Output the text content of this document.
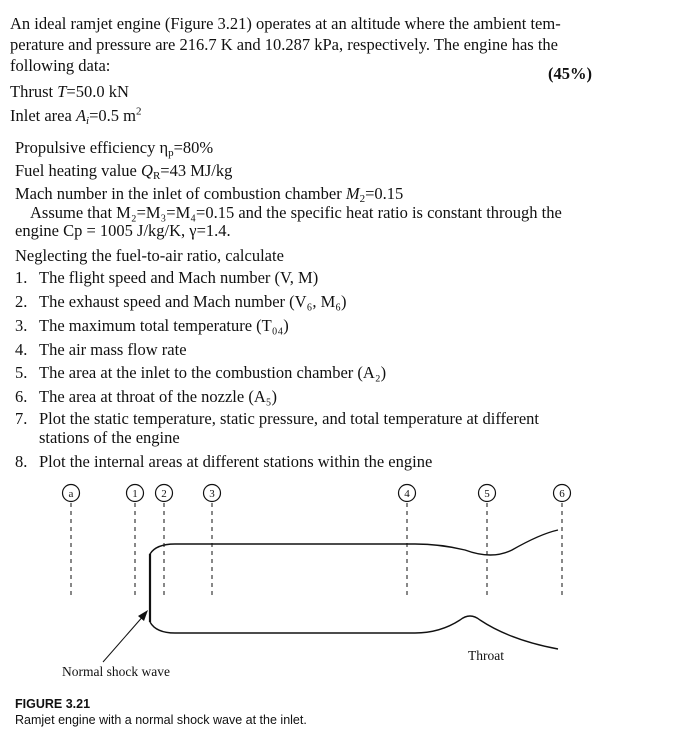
An ideal ramjet engine (Figure 3.21) operates at an altitude where the ambient tem-
perature and pressure are 216.7 K and 10.287 kPa, respectively. The engine has the
following data:	(45%)
Thrust T=50.0 kN
Inlet area $A_i=0.5$ $m^2$
Propulsive efficiency $\eta_p=80\%$
Fuel heating value $Q_R=43$ MJ/kg
Mach number in the inlet of combustion chamber $M_2=0.15$
Assume that M₂=M₃=M₄=0.15 and the specific heat ratio is constant through the
engine Cp = 1005 J/kg/K, γ=1.4.
Neglecting the fuel-to-air ratio, calculate
1. The flight speed and Mach number (V, M)
2. The exhaust speed and Mach number (V₆, M₆)
3. The maximum total temperature (T₀₄)
4. The air mass flow rate
5. The area at the inlet to the combustion chamber (A₂)
6. The area at throat of the nozzle (A₅)
7. Plot the static temperature, static pressure, and total temperature at different
stations of the engine
8. Plot the internal areas at different stations within the engine
a	1 2	3	4	5	6
Normal shock wave
Throat
FIGURE 3.21
Ramjet engine with a normal shock wave at the inlet.
